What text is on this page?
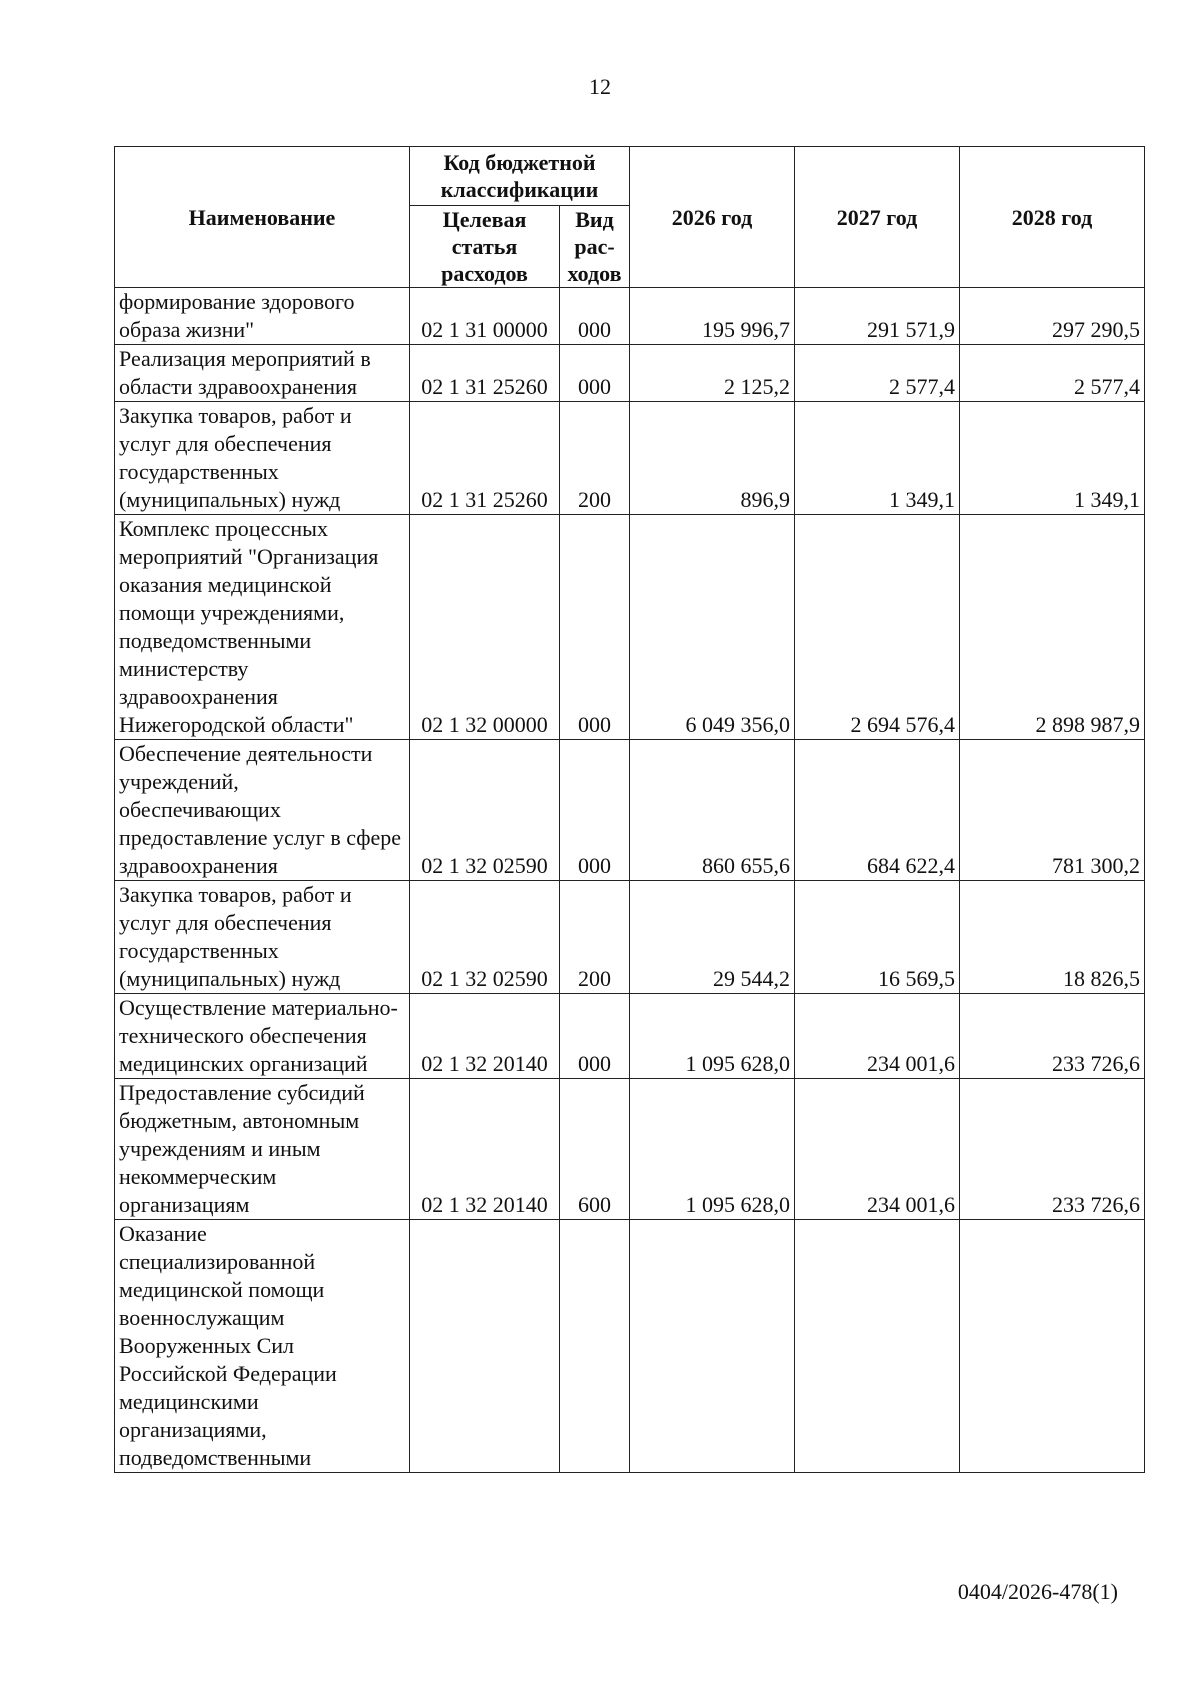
12
Наименование	Код бюджетной классификации		2026 год	2027 год	2028 год
	Целевая статья расходов	Вид рас-ходов			
формирование здорового образа жизни"	02 1 31 00000	000	195 996,7	291 571,9	297 290,5
Реализация мероприятий в области здравоохранения	02 1 31 25260	000	2 125,2	2 577,4	2 577,4
Закупка товаров, работ и услуг для обеспечения государственных (муниципальных) нужд	02 1 31 25260	200	896,9	1 349,1	1 349,1
Комплекс процессных мероприятий "Организация оказания медицинской помощи учреждениями, подведомственными министерству здравоохранения Нижегородской области"	02 1 32 00000	000	6 049 356,0	2 694 576,4	2 898 987,9
Обеспечение деятельности учреждений, обеспечивающих предоставление услуг в сфере здравоохранения	02 1 32 02590	000	860 655,6	684 622,4	781 300,2
Закупка товаров, работ и услуг для обеспечения государственных (муниципальных) нужд	02 1 32 02590	200	29 544,2	16 569,5	18 826,5
Осуществление материально-технического обеспечения медицинских организаций	02 1 32 20140	000	1 095 628,0	234 001,6	233 726,6
Предоставление субсидий бюджетным, автономным учреждениям и иным некоммерческим организациям	02 1 32 20140	600	1 095 628,0	234 001,6	233 726,6
Оказание специализированной медицинской помощи военнослужащим Вооруженных Сил Российской Федерации медицинскими организациями, подведомственными					
0404/2026-478(1)
